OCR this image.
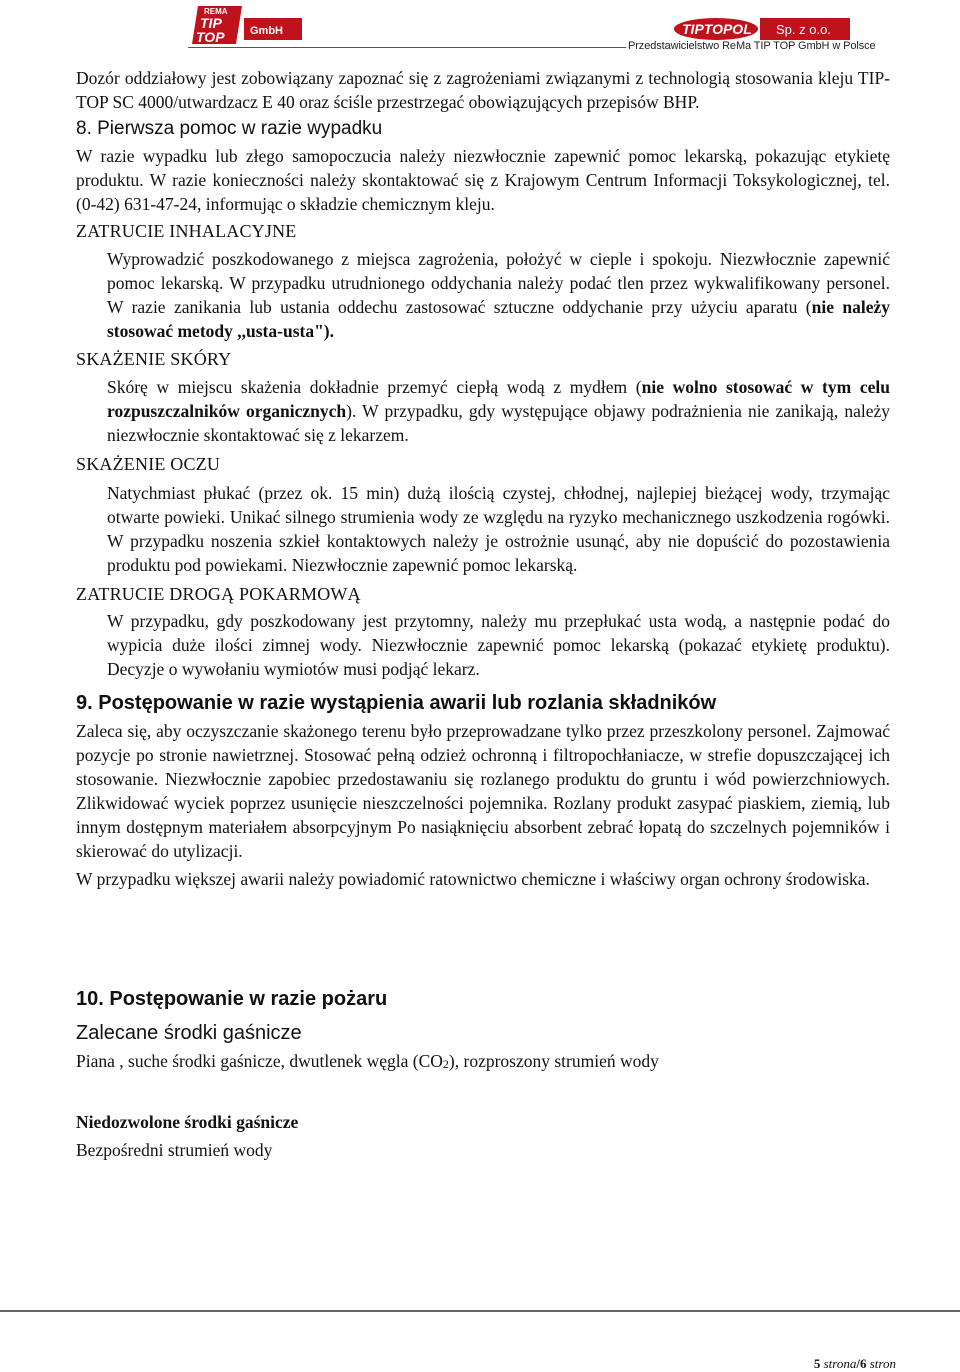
REMA
TIP
TOP GmbH	TIPTOPOL Sp. z o.o.
Przedstawicielstwo ReMa TIP TOP GmbH w Polsce

Dozór oddziałowy jest zobowiązany zapoznać się z zagrożeniami związanymi z technologią stosowania kleju TIP-TOP SC 4000/utwardzacz E 40 oraz ściśle przestrzegać obowiązujących przepisów BHP.

8. Pierwsza pomoc w razie wypadku

W razie wypadku lub złego samopoczucia należy niezwłocznie zapewnić pomoc lekarską, pokazując etykietę produktu. W razie konieczności należy skontaktować się z Krajowym Centrum Informacji Toksykologicznej, tel. (0-42) 631-47-24, informując o składzie chemicznym kleju.

ZATRUCIE INHALACYJNE

Wyprowadzić poszkodowanego z miejsca zagrożenia, położyć w cieple i spokoju. Niezwłocznie zapewnić pomoc lekarską. W przypadku utrudnionego oddychania należy podać tlen przez wykwalifikowany personel. W razie zanikania lub ustania oddechu zastosować sztuczne oddychanie przy użyciu aparatu (nie należy stosować metody ,,usta-usta").

SKAŻENIE SKÓRY

Skórę w miejscu skażenia dokładnie przemyć ciepłą wodą z mydłem (nie wolno stosować w tym celu rozpuszczalników organicznych). W przypadku, gdy występujące objawy podrażnienia nie zanikają, należy niezwłocznie skontaktować się z lekarzem.

SKAŻENIE OCZU

Natychmiast płukać (przez ok. 15 min) dużą ilością czystej, chłodnej, najlepiej bieżącej wody, trzymając otwarte powieki. Unikać silnego strumienia wody ze względu na ryzyko mechanicznego uszkodzenia rogówki. W przypadku noszenia szkieł kontaktowych należy je ostrożnie usunąć, aby nie dopuścić do pozostawienia produktu pod powiekami. Niezwłocznie zapewnić pomoc lekarską.

ZATRUCIE DROGĄ POKARMOWĄ

W przypadku, gdy poszkodowany jest przytomny, należy mu przepłukać usta wodą, a następnie podać do wypicia duże ilości zimnej wody. Niezwłocznie zapewnić pomoc lekarską (pokazać etykietę produktu). Decyzje o wywołaniu wymiotów musi podjąć lekarz.

9. Postępowanie w razie wystąpienia awarii lub rozlania składników

Zaleca się, aby oczyszczanie skażonego terenu było przeprowadzane tylko przez przeszkolony personel. Zajmować pozycje po stronie nawietrznej. Stosować pełną odzież ochronną i filtropochłaniacze, w strefie dopuszczającej ich stosowanie. Niezwłocznie zapobiec przedostawaniu się rozlanego produktu do gruntu i wód powierzchniowych. Zlikwidować wyciek poprzez usunięcie nieszczelności pojemnika. Rozlany produkt zasypać piaskiem, ziemią, lub innym dostępnym materiałem absorpcyjnym Po nasiąknięciu absorbent zebrać łopatą do szczelnych pojemników i skierować do utylizacji.

W przypadku większej awarii należy powiadomić ratownictwo chemiczne i właściwy organ ochrony środowiska.

10. Postępowanie w razie pożaru
Zalecane środki gaśnicze

Piana , suche środki gaśnicze, dwutlenek węgla $(CO_2)$, rozproszony strumień wody

Niedozwolone środki gaśnicze

Bezpośredni strumień wody

5 strona/6 stron
